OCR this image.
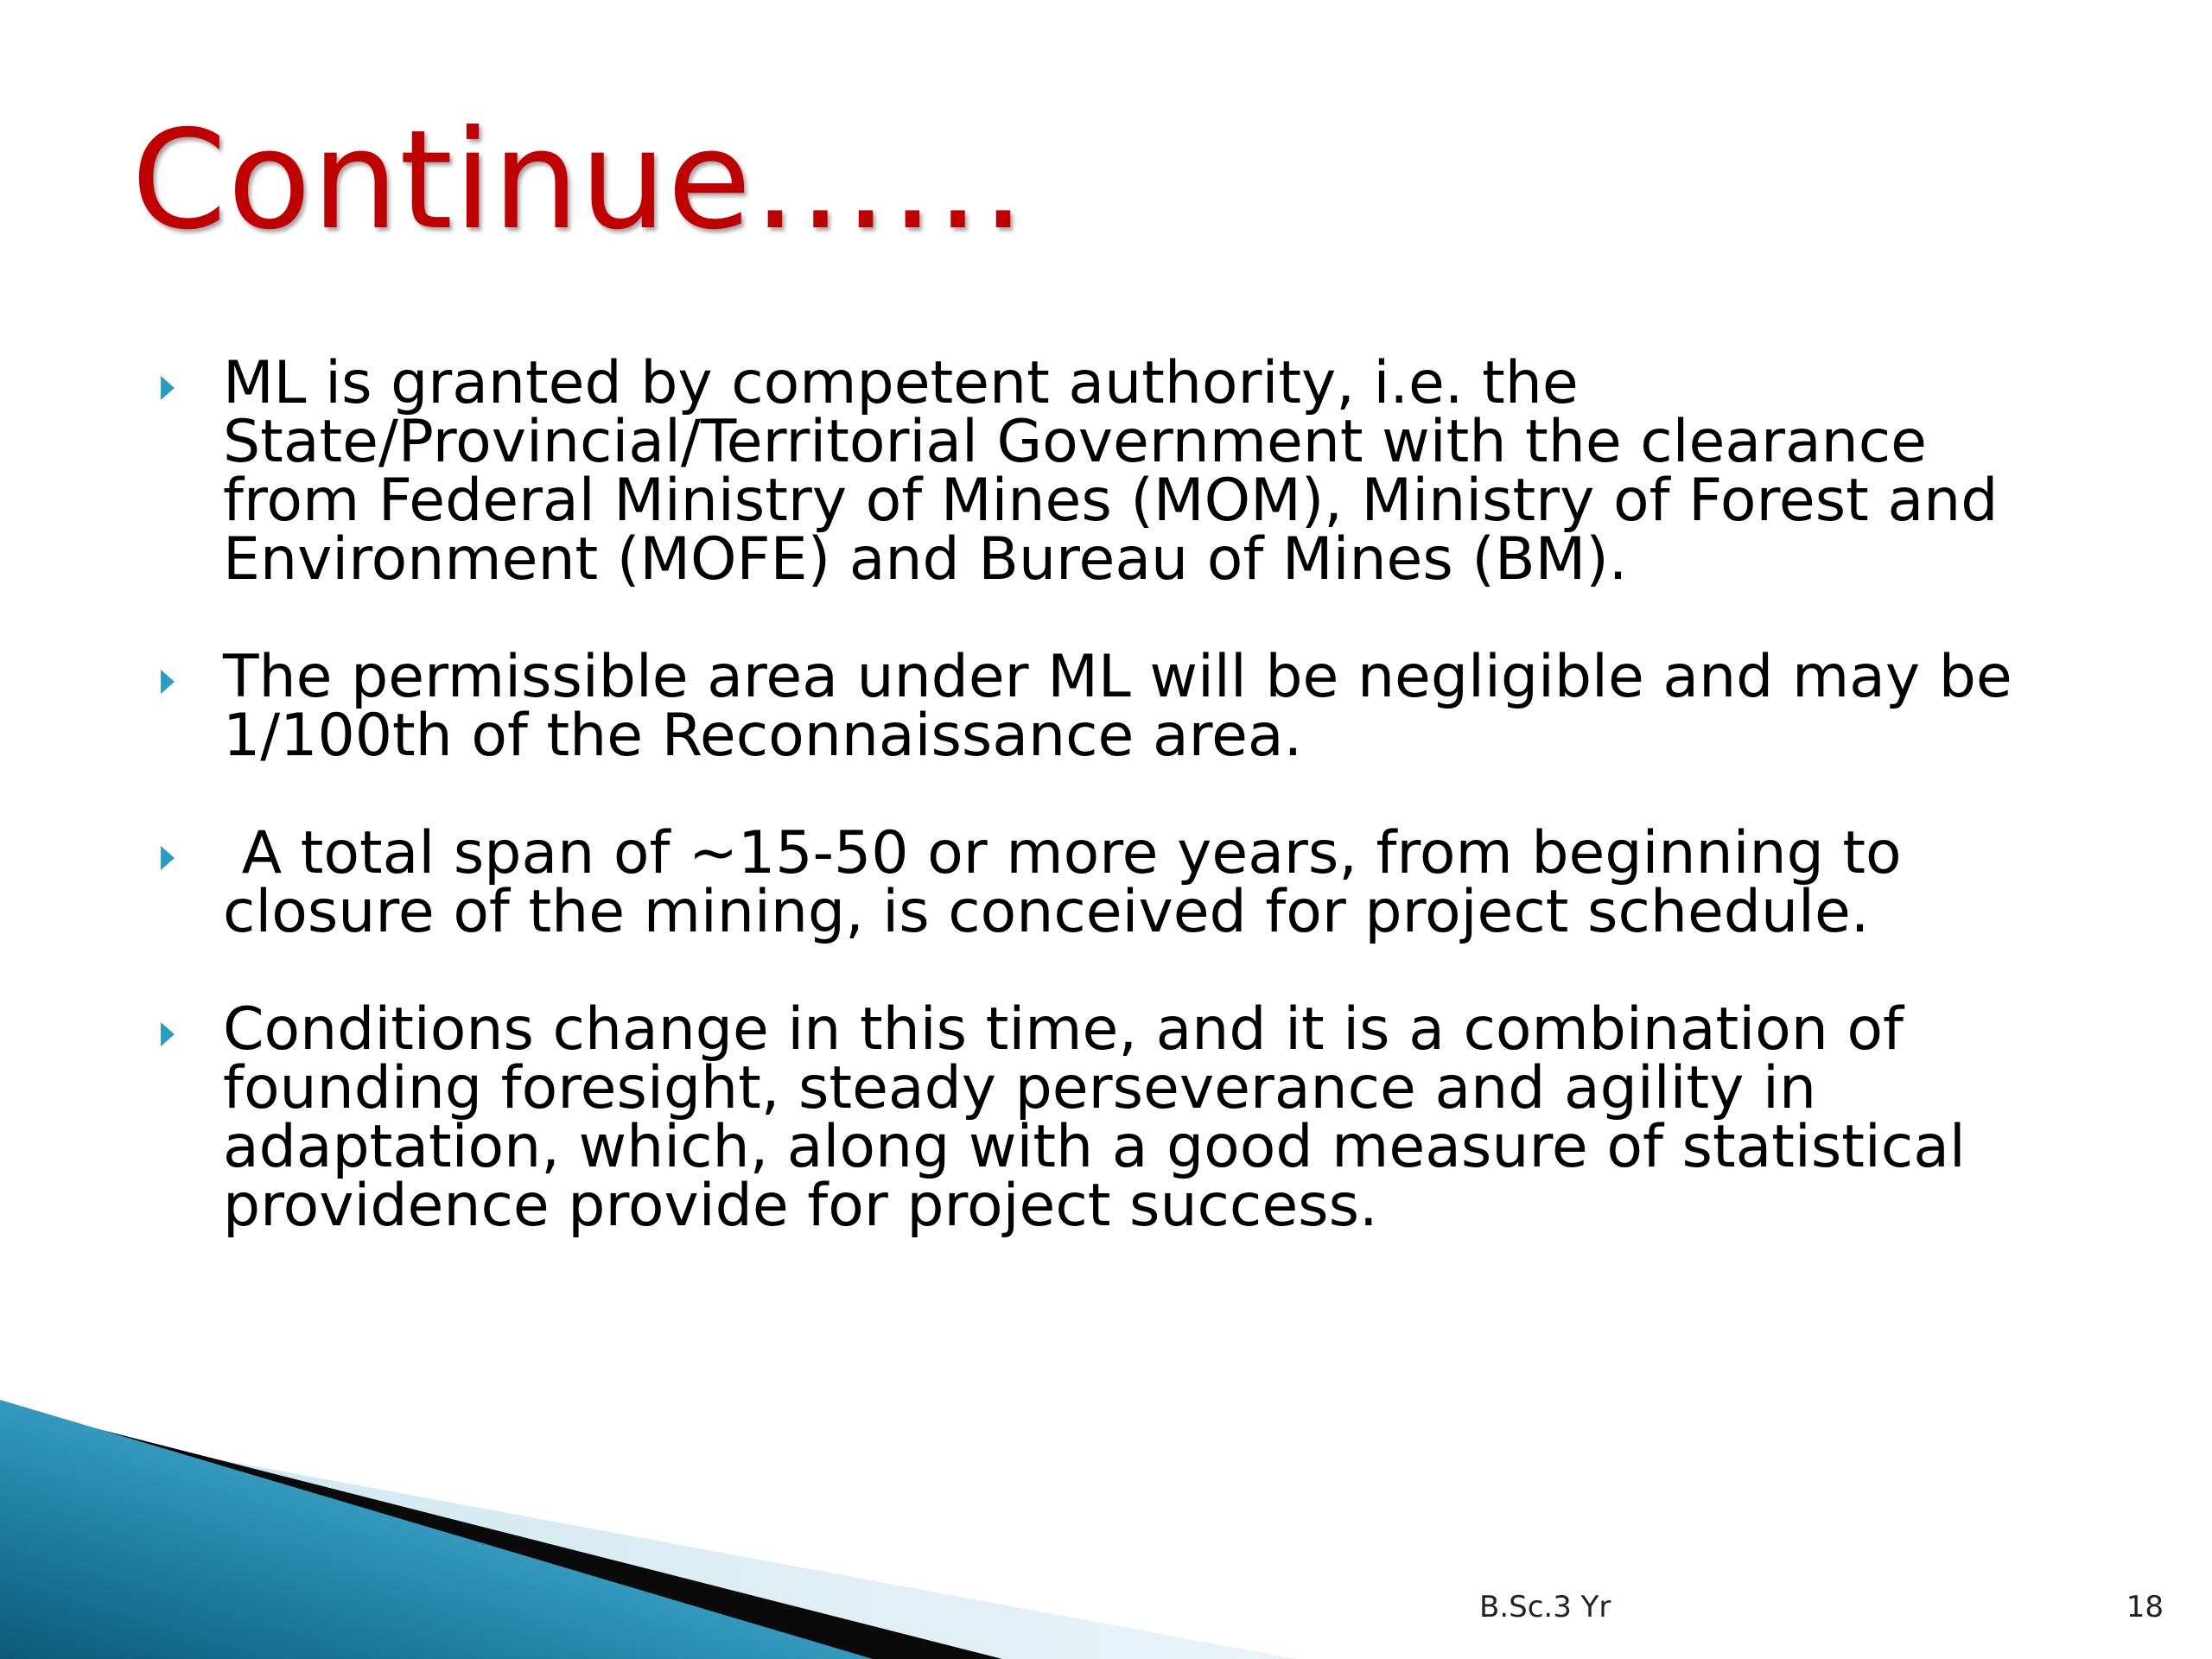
Continue……
ML is granted by competent authority, i.e. the
State/Provincial/Territorial Government with the clearance
from Federal Ministry of Mines (MOM), Ministry of Forest and
Environment (MOFE) and Bureau of Mines (BM).
The permissible area under ML will be negligible and may be
1/100th of the Reconnaissance area.
A total span of ~15-50 or more years, from beginning to
closure of the mining, is conceived for project schedule.
Conditions change in this time, and it is a combination of
founding foresight, steady perseverance and agility in
adaptation, which, along with a good measure of statistical
providence provide for project success.
B.Sc.3 Yr	18
